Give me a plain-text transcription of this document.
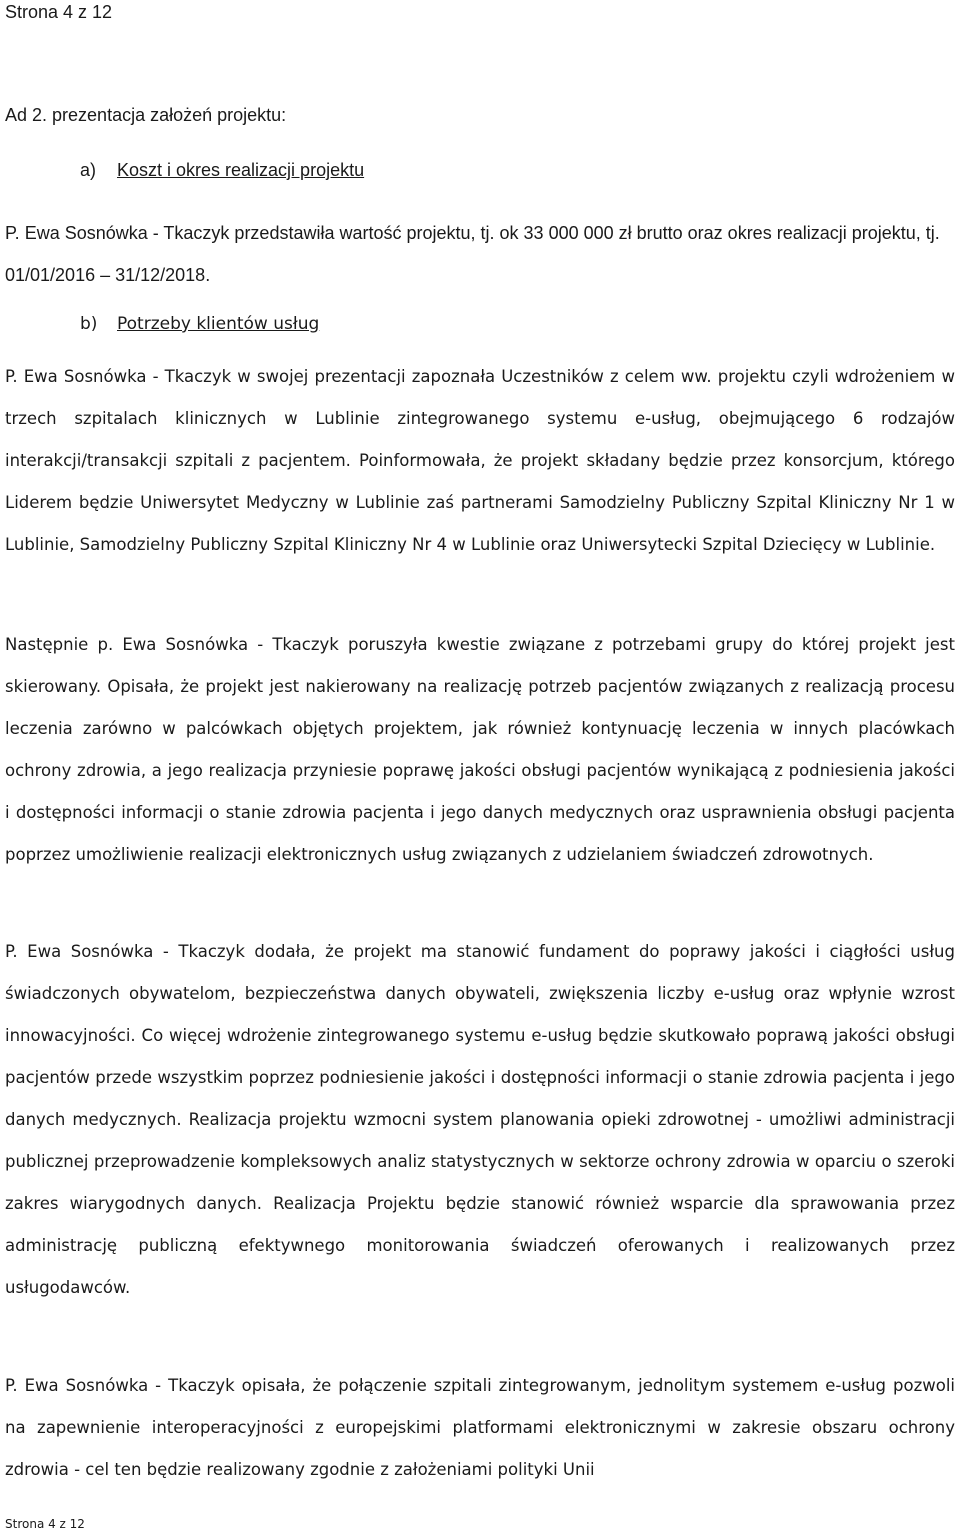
Strona 4 z 12
Ad 2. prezentacja założeń projektu:
a) Koszt i okres realizacji projektu

P. Ewa Sosnówka - Tkaczyk przedstawiła wartość projektu, tj. ok 33 000 000 zł brutto oraz okres realizacji projektu, tj. 01/01/2016 – 31/12/2018.

b) Potrzeby klientów usług

P. Ewa Sosnówka - Tkaczyk w swojej prezentacji zapoznała Uczestników z celem ww. projektu czyli wdrożeniem w trzech szpitalach klinicznych w Lublinie zintegrowanego systemu e-usług, obejmującego 6 rodzajów interakcji/transakcji szpitali z pacjentem. Poinformowała, że projekt składany będzie przez konsorcjum, którego Liderem będzie Uniwersytet Medyczny w Lublinie zaś partnerami Samodzielny Publiczny Szpital Kliniczny Nr 1 w Lublinie, Samodzielny Publiczny Szpital Kliniczny Nr 4 w Lublinie oraz Uniwersytecki Szpital Dziecięcy w Lublinie.

Następnie p. Ewa Sosnówka - Tkaczyk poruszyła kwestie związane z potrzebami grupy do której projekt jest skierowany. Opisała, że projekt jest nakierowany na realizację potrzeb pacjentów związanych z realizacją procesu leczenia zarówno w palcówkach objętych projektem, jak również kontynuację leczenia w innych placówkach ochrony zdrowia, a jego realizacja przyniesie poprawę jakości obsługi pacjentów wynikającą z podniesienia jakości i dostępności informacji o stanie zdrowia pacjenta i jego danych medycznych oraz usprawnienia obsługi pacjenta poprzez umożliwienie realizacji elektronicznych usług związanych z udzielaniem świadczeń zdrowotnych.

P. Ewa Sosnówka - Tkaczyk dodała, że projekt ma stanowić fundament do poprawy jakości i ciągłości usług świadczonych obywatelom, bezpieczeństwa danych obywateli, zwiększenia liczby e-usług oraz wpłynie wzrost innowacyjności. Co więcej wdrożenie zintegrowanego systemu e-usług będzie skutkowało poprawą jakości obsługi pacjentów przede wszystkim poprzez podniesienie jakości i dostępności informacji o stanie zdrowia pacjenta i jego danych medycznych. Realizacja projektu wzmocni system planowania opieki zdrowotnej - umożliwi administracji publicznej przeprowadzenie kompleksowych analiz statystycznych w sektorze ochrony zdrowia w oparciu o szeroki zakres wiarygodnych danych. Realizacja Projektu będzie stanowić również wsparcie dla sprawowania przez administrację publiczną efektywnego monitorowania świadczeń oferowanych i realizowanych przez usługodawców.

P. Ewa Sosnówka - Tkaczyk opisała, że połączenie szpitali zintegrowanym, jednolitym systemem e-usług pozwoli na zapewnienie interoperacyjności z europejskimi platformami elektronicznymi w zakresie obszaru ochrony zdrowia - cel ten będzie realizowany zgodnie z założeniami polityki Unii

Strona 4 z 12
